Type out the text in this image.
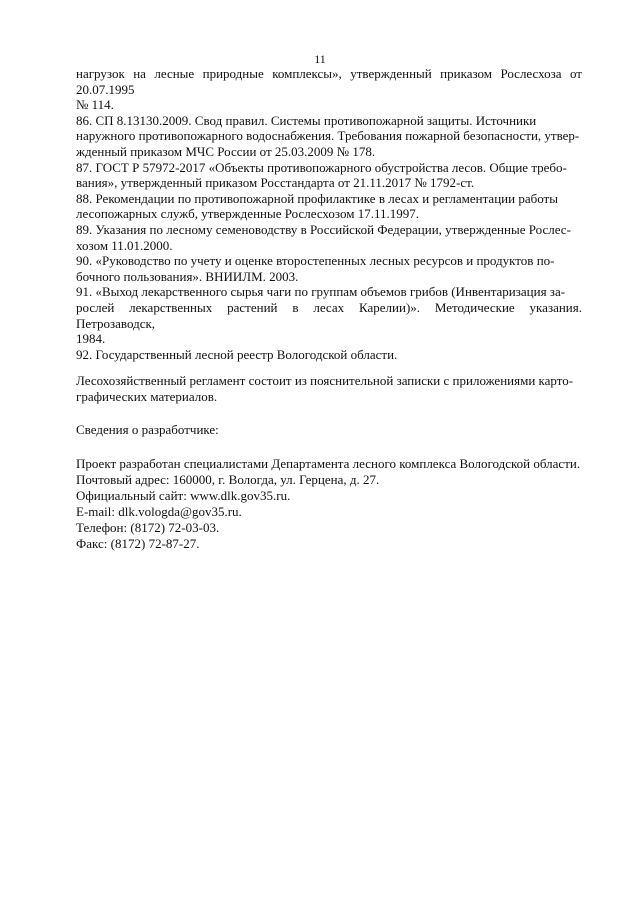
11

нагрузок на лесные природные комплексы», утвержденный приказом Рослесхоза от 20.07.1995
№ 114.

86. СП 8.13130.2009. Свод правил. Системы противопожарной защиты. Источники
наружного противопожарного водоснабжения. Требования пожарной безопасности, утвер-
жденный приказом МЧС России от 25.03.2009 № 178.

87. ГОСТ Р 57972-2017 «Объекты противопожарного обустройства лесов. Общие требо-
вания», утвержденный приказом Росстандарта от 21.11.2017 № 1792-ст.

88. Рекомендации по противопожарной профилактике в лесах и регламентации работы
лесопожарных служб, утвержденные Рослесхозом 17.11.1997.

89. Указания по лесному семеноводству в Российской Федерации, утвержденные Рослес-
хозом 11.01.2000.

90. «Руководство по учету и оценке второстепенных лесных ресурсов и продуктов по-
бочного пользования». ВНИИЛМ. 2003.

91. «Выход лекарственного сырья чаги по группам объемов грибов (Инвентаризация за-
рослей лекарственных растений в лесах Карелии)». Методические указания. Петрозаводск,
1984.

92. Государственный лесной реестр Вологодской области.

Лесохозяйственный регламент состоит из пояснительной записки с приложениями карто-
графических материалов.

Сведения о разработчике:

Проект разработан специалистами Департамента лесного комплекса Вологодской области.

Почтовый адрес: 160000, г. Вологда, ул. Герцена, д. 27.

Официальный сайт: www.dlk.gov35.ru.

E-mail: dlk.vologda@gov35.ru.

Телефон: (8172) 72-03-03.

Факс: (8172) 72-87-27.
